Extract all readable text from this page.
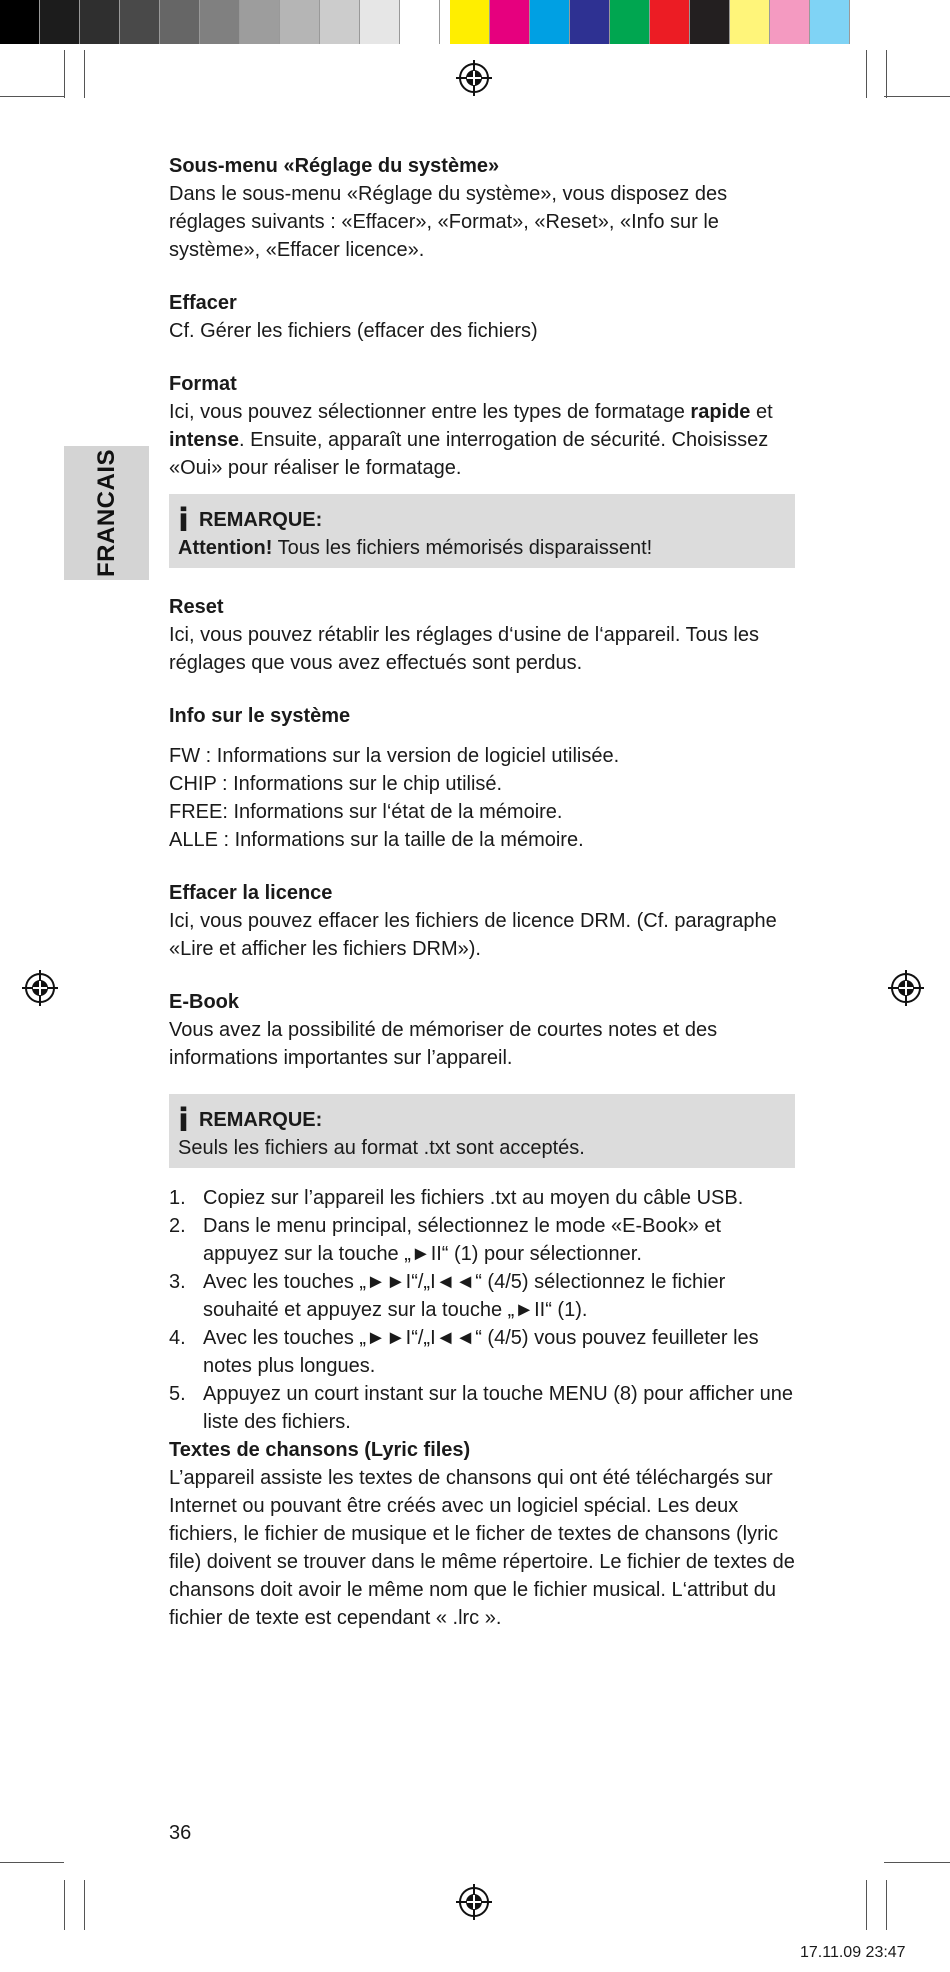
FRANCAIS
Sous-menu «Réglage du système»

Dans le sous-menu «Réglage du système», vous disposez des réglages suivants : «Effacer», «Format», «Reset», «Info sur le système», «Effacer licence».

Effacer

Cf. Gérer les fichiers (effacer des fichiers)

Format

Ici, vous pouvez sélectionner entre les types de formatage rapide et intense. Ensuite, apparaît une interrogation de sécurité. Choisissez «Oui» pour réaliser le formatage.

i REMARQUE:

Attention! Tous les fichiers mémorisés disparaissent!

Reset

Ici, vous pouvez rétablir les réglages d‘usine de l‘appareil. Tous les réglages que vous avez effectués sont perdus.

Info sur le système

FW : Informations sur la version de logiciel utilisée.

CHIP : Informations sur le chip utilisé.

FREE: Informations sur l‘état de la mémoire.

ALLE : Informations sur la taille de la mémoire.

Effacer la licence

Ici, vous pouvez effacer les fichiers de licence DRM. (Cf. paragraphe «Lire et afficher les fichiers DRM»).

E-Book

Vous avez la possibilité de mémoriser de courtes notes et des informations importantes sur l’appareil.

i REMARQUE:

Seuls les fichiers au format .txt sont acceptés.

1. Copiez sur l’appareil les fichiers .txt au moyen du câble USB.
2. Dans le menu principal, sélectionnez le mode «E-Book» et appuyez sur la touche „►II“ (1) pour sélectionner.
3. Avec les touches „►►I“/„I◄◄“ (4/5) sélectionnez le fichier souhaité et appuyez sur la touche „►II“ (1).
4. Avec les touches „►►I“/„I◄◄“ (4/5) vous pouvez feuilleter les notes plus longues.
5. Appuyez un court instant sur la touche MENU (8) pour afficher une liste des fichiers.
Textes de chansons (Lyric files)

L’appareil assiste les textes de chansons qui ont été téléchargés sur Internet ou pouvant être créés avec un logiciel spécial. Les deux fichiers, le fichier de musique et le ficher de textes de chansons (lyric file) doivent se trouver dans le même répertoire. Le fichier de textes de chansons doit avoir le même nom que le fichier musical. L‘attribut du fichier de texte est cependant « .lrc ».

36
17.11.09 23:47
